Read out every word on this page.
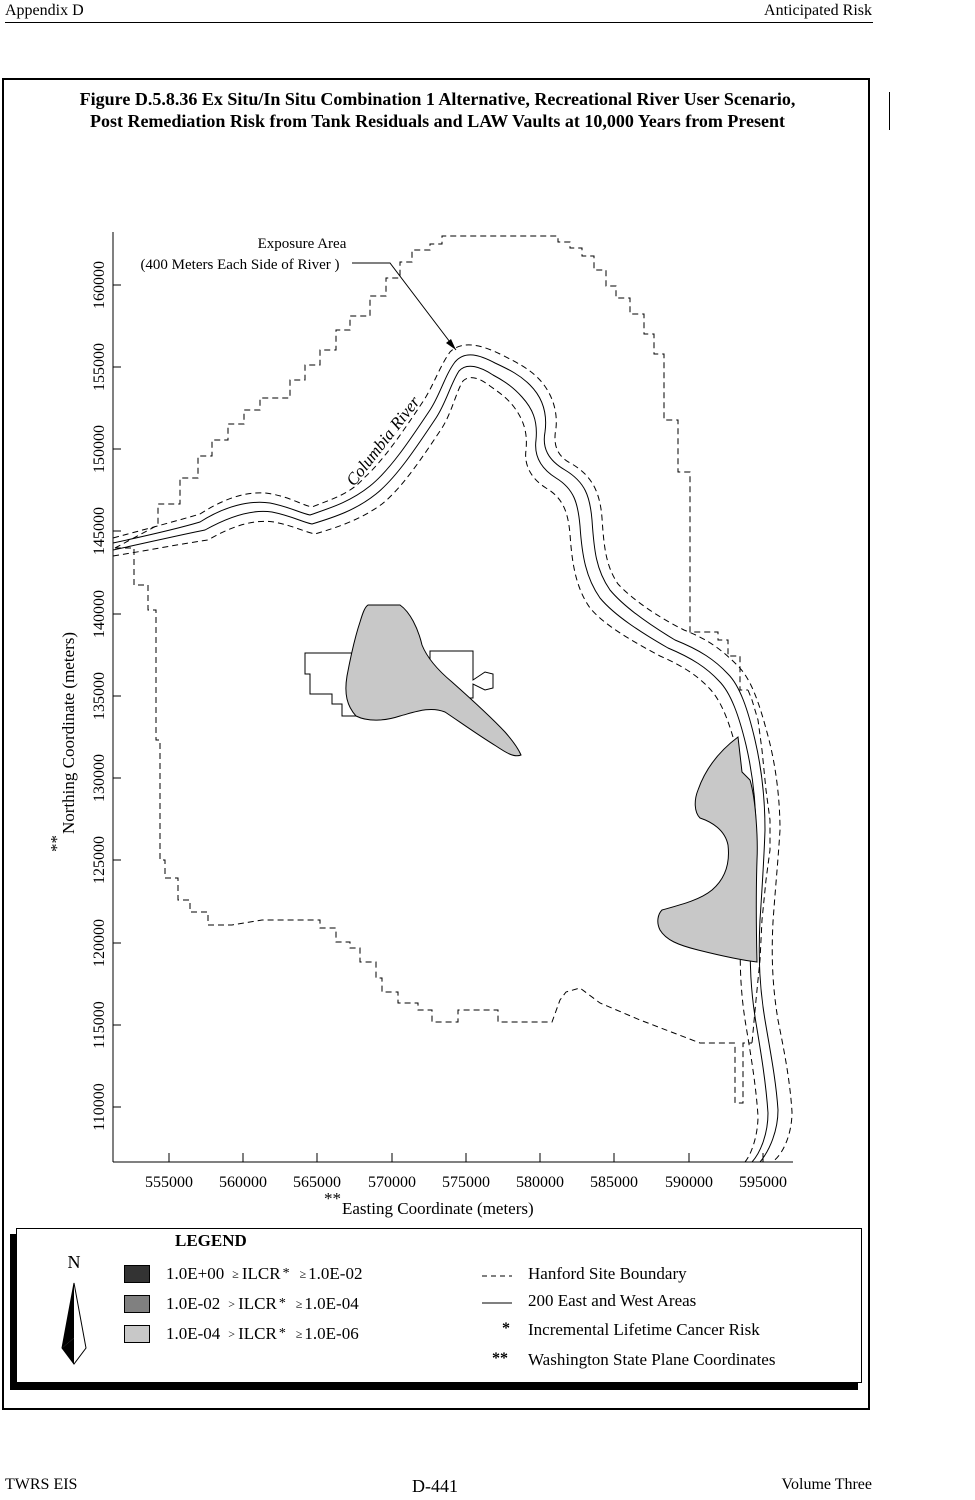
Appendix D	Anticipated Risk
Figure D.5.8.36 Ex Situ/In Situ Combination 1 Alternative, Recreational River User Scenario,
Post Remediation Risk from Tank Residuals and LAW Vaults at 10,000 Years from Present
110000
115000
120000
125000
130000
135000
140000
145000
150000
155000
160000
555000 560000 565000 570000 575000 580000 585000 590000 595000
**
Easting Coordinate (meters)
**
Northing Coordinate (meters)
Columbia River
Exposure Area
(400 Meters Each Side of River )
LEGEND
N
1.0E+00 ≥ ILCR * ≥ 1.0E-02
1.0E-02 > ILCR * ≥ 1.0E-04
1.0E-04 > ILCR * ≥ 1.0E-06
Hanford Site Boundary
200 East and West Areas
* Incremental Lifetime Cancer Risk
** Washington State Plane Coordinates
TWRS EIS	D-441	Volume Three
